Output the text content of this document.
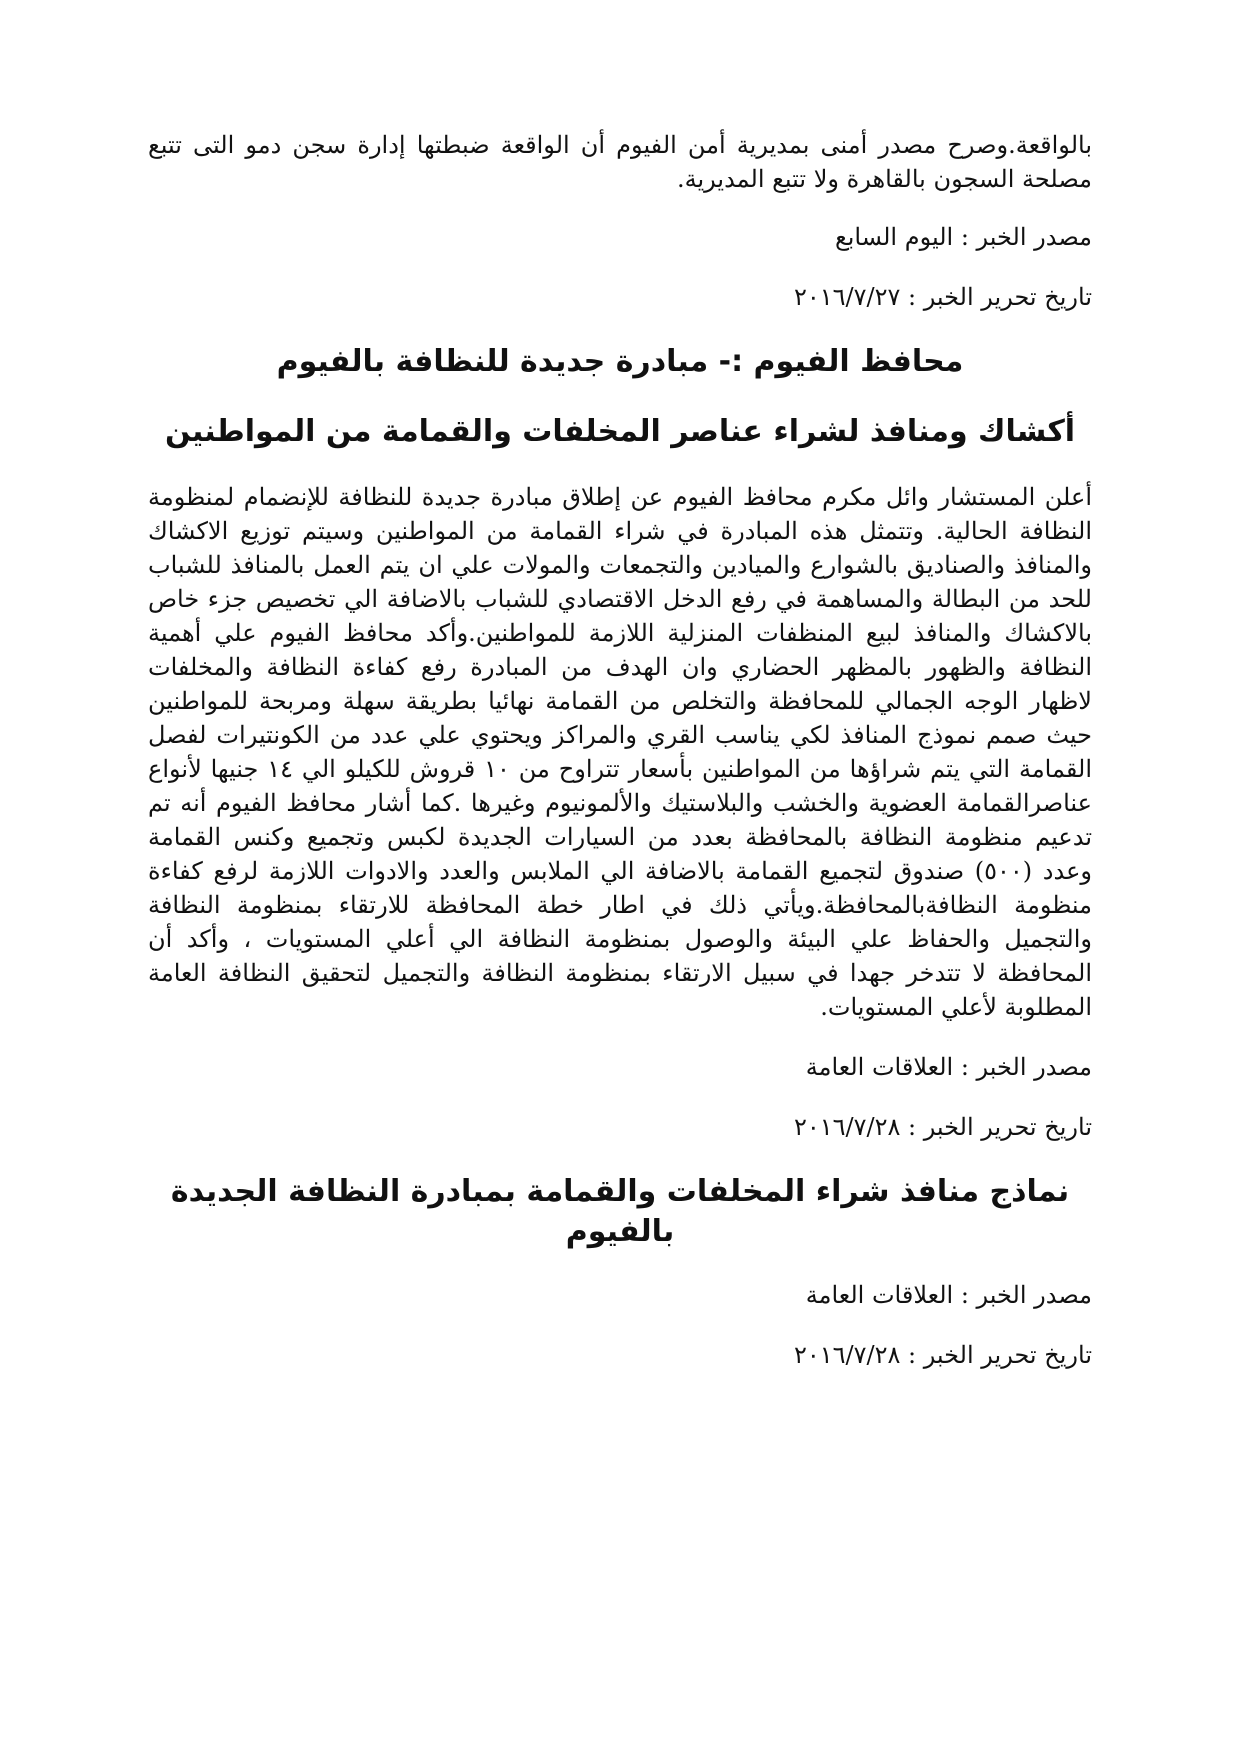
بالواقعة.وصرح مصدر أمنى بمديرية أمن الفيوم أن الواقعة ضبطتها إدارة سجن دمو التى تتبع مصلحة السجون بالقاهرة ولا تتبع المديرية.

مصدر الخبر : اليوم السابع

تاريخ تحرير الخبر : ٢٠١٦/٧/٢٧

محافظ الفيوم :- مبادرة جديدة للنظافة بالفيوم
أكشاك ومنافذ لشراء عناصر المخلفات والقمامة من المواطنين

أعلن المستشار وائل مكرم محافظ الفيوم عن إطلاق مبادرة جديدة للنظافة للإنضمام لمنظومة النظافة الحالية. وتتمثل هذه المبادرة في شراء القمامة من المواطنين وسيتم توزيع الاكشاك والمنافذ والصناديق بالشوارع والميادين والتجمعات والمولات علي ان يتم العمل بالمنافذ للشباب للحد من البطالة والمساهمة في رفع الدخل الاقتصادي للشباب بالاضافة الي تخصيص جزء خاص بالاكشاك والمنافذ لبيع المنظفات المنزلية اللازمة للمواطنين.وأكد محافظ الفيوم علي أهمية النظافة والظهور بالمظهر الحضاري وان الهدف من المبادرة رفع كفاءة النظافة والمخلفات لاظهار الوجه الجمالي للمحافظة والتخلص من القمامة نهائيا بطريقة سهلة ومربحة للمواطنين حيث صمم نموذج المنافذ لكي يناسب القري والمراكز ويحتوي علي عدد من الكونتيرات لفصل القمامة التي يتم شراؤها من المواطنين بأسعار تتراوح من ١٠ قروش للكيلو الي ١٤ جنيها لأنواع عناصرالقمامة العضوية والخشب والبلاستيك والألمونيوم وغيرها .كما أشار محافظ الفيوم أنه تم تدعيم منظومة النظافة بالمحافظة بعدد من السيارات الجديدة لكبس وتجميع وكنس القمامة وعدد (٥٠٠) صندوق لتجميع القمامة بالاضافة الي الملابس والعدد والادوات اللازمة لرفع كفاءة منظومة النظافةبالمحافظة.ويأتي ذلك في اطار خطة المحافظة للارتقاء بمنظومة النظافة والتجميل والحفاظ علي البيئة والوصول بمنظومة النظافة الي أعلي المستويات ، وأكد أن المحافظة لا تتدخر جهدا في سبيل الارتقاء بمنظومة النظافة والتجميل لتحقيق النظافة العامة المطلوبة لأعلي المستويات.

مصدر الخبر : العلاقات العامة

تاريخ تحرير الخبر : ٢٠١٦/٧/٢٨

نماذج منافذ شراء المخلفات والقمامة بمبادرة النظافة الجديدة بالفيوم

مصدر الخبر : العلاقات العامة

تاريخ تحرير الخبر : ٢٠١٦/٧/٢٨
